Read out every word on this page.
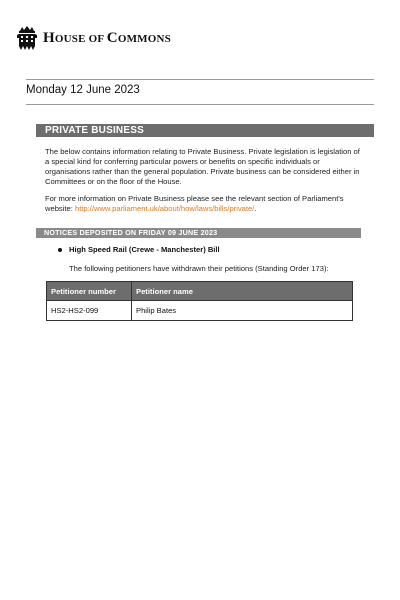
HOUSE OF COMMONS
Monday 12 June 2023
PRIVATE BUSINESS
The below contains information relating to Private Business. Private legislation is legislation of a special kind for conferring particular powers or benefits on specific individuals or organisations rather than the general population. Private business can be considered either in Committees or on the floor of the House.
For more information on Private Business please see the relevant section of Parliament's website: http://www.parliament.uk/about/how/laws/bills/private/.
NOTICES DEPOSITED ON FRIDAY 09 JUNE 2023
High Speed Rail (Crewe - Manchester) Bill
The following petitioners have withdrawn their petitions (Standing Order 173):
Petitioner number	Petitioner name
HS2-HS2-099	Philip Bates
